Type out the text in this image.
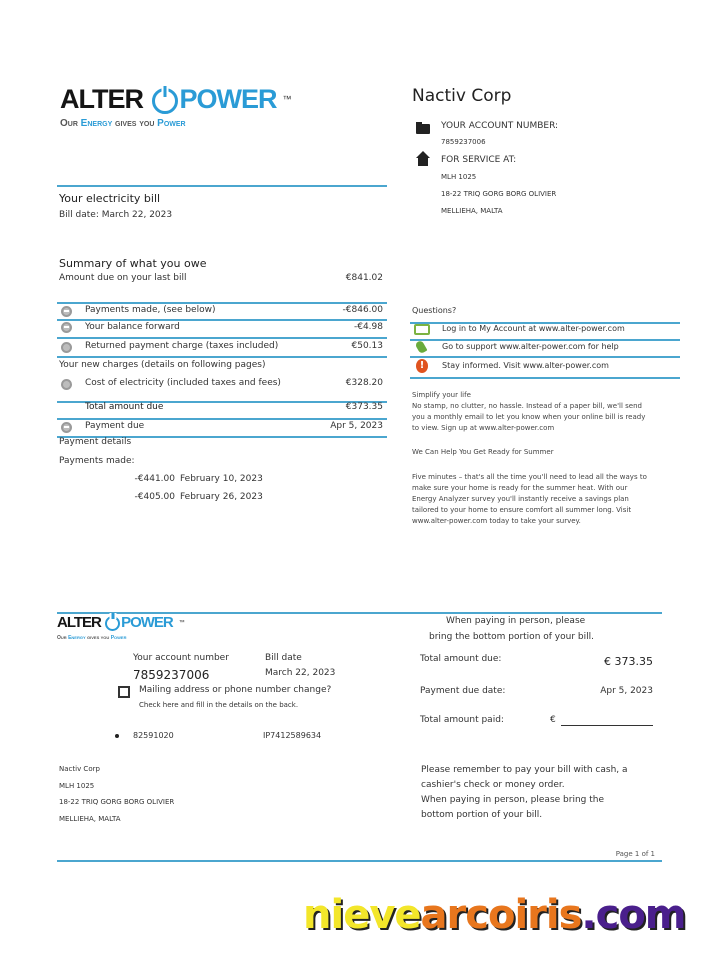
ALTER POWER ™
Our Energy gives you Power
Nactiv Corp
YOUR ACCOUNT NUMBER:
7859237006
FOR SERVICE AT:
MLH 1025
18-22 TRIQ GORG BORG OLIVIER
MELLIEHA, MALTA
Your electricity bill
Bill date: March 22, 2023
Summary of what you owe
Amount due on your last bill	€841.02
Payments made, (see below)	-€846.00
Your balance forward	-€4.98
Returned payment charge (taxes included)	€50.13
Your new charges (details on following pages)
Cost of electricity (included taxes and fees)	€328.20
Total amount due	€373.35
Payment due	Apr 5, 2023
Payment details
Payments made:
-€441.00 February 10, 2023
-€405.00 February 26, 2023
Questions?
Log in to My Account at www.alter-power.com
Go to support www.alter-power.com for help
!	Stay informed. Visit www.alter-power.com
Simplify your life
No stamp, no clutter, no hassle. Instead of a paper bill, we'll send
you a monthly email to let you know when your online bill is ready
to view. Sign up at www.alter-power.com
We Can Help You Get Ready for Summer
Five minutes – that's all the time you'll need to lead all the ways to
make sure your home is ready for the summer heat. With our
Energy Analyzer survey you'll instantly receive a savings plan
tailored to your home to ensure comfort all summer long. Visit
www.alter-power.com today to take your survey.
ALTER POWER ™
Our Energy gives you Power
Your account number
7859237006
Bill date
March 22, 2023
Mailing address or phone number change?
Check here and fill in the details on the back.
82591020	IP7412589634
Nactiv Corp
MLH 1025
18-22 TRIQ GORG BORG OLIVIER
MELLIEHA, MALTA
When paying in person, please
bring the bottom portion of your bill.
Total amount due:	€ 373.35
Payment due date:	Apr 5, 2023
Total amount paid:	€
Please remember to pay your bill with cash, a
cashier's check or money order.
When paying in person, please bring the
bottom portion of your bill.
Page 1 of 1
nievearcoiris.com
